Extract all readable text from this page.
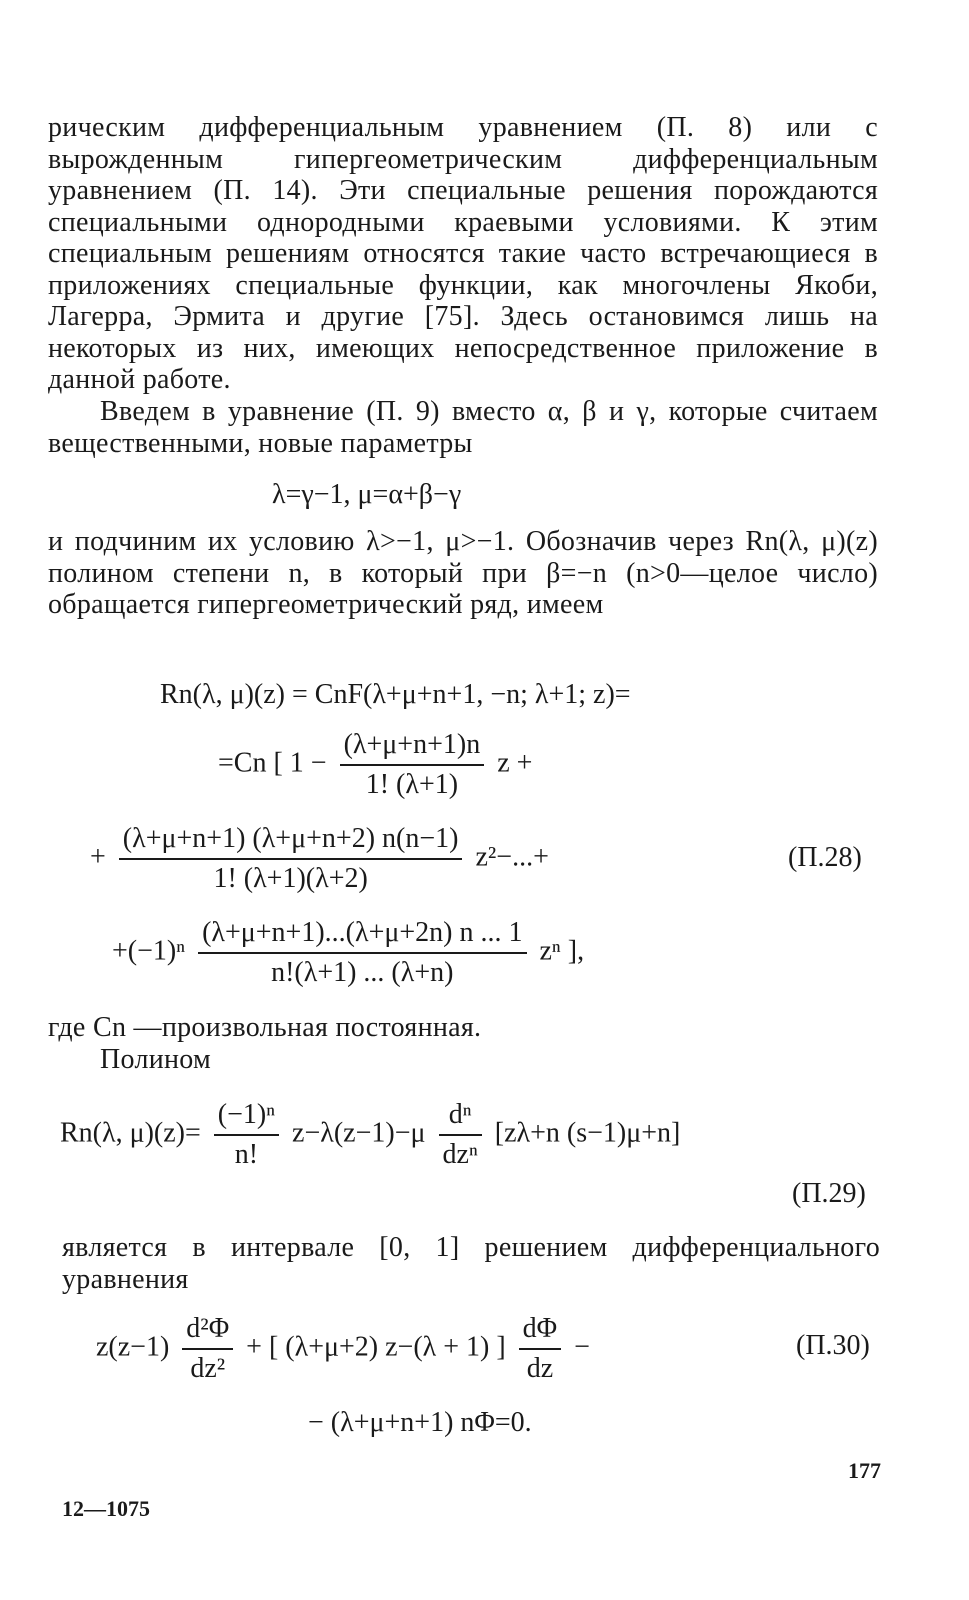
рическим дифференциальным уравнением (П. 8) или с вырожденным гипергеометрическим дифференциальным уравнением (П. 14). Эти специальные решения порождаются специальными однородными краевыми условиями. К этим специальным решениям относятся такие часто встречающиеся в приложениях специальные функции, как многочлены Якоби, Лагерра, Эрмита и другие [75]. Здесь остановимся лишь на некоторых из них, имеющих непосредственное приложение в данной работе.

Введем в уравнение (П. 9) вместо α, β и γ, которые считаем вещественными, новые параметры

λ=γ−1, μ=α+β−γ

и подчиним их условию λ>−1, μ>−1. Обозначив через Rn(λ, μ)(z) полином степени n, в который при β=−n (n>0—целое число) обращается гипергеометрический ряд, имеем

Rn(λ, μ)(z) = CnF(λ+μ+n+1, −n; λ+1; z)=
=Cn [ $1 - \frac{(\lambda+\mu+n+1)n}{1! (\lambda+1)}$ z +
+ $\frac{(\lambda+\mu+n+1) (\lambda+\mu+n+2) n(n-1)}{1! (\lambda+1)(\lambda+2)} z^2-...+$	(П.28)
$+(-1)^n \frac{(\lambda+\mu+n+1)...(\lambda+\mu+2n) n ... 1}{n!(\lambda+1) ... (\lambda+n)}$ zⁿ ],

где Cn —произвольная постоянная.

Полином

Rn(λ, $\mu)(z)= \frac{\text{(−1)ⁿ}}{n!} z-\lambda(z-1)-\mu \frac{\text{dⁿ}}{\text{dzⁿ}} [z\lambda+n$ (s−1)μ+n]
(П.29)

является в интервале [0, 1] решением дифференциального уравнения

$z(z-1) \frac{\text{d²Φ}}{\text{dz²}}$ + [ (λ+μ+2) z−(λ + 1) ] $\frac{d\Phi}{dz}$ −	(П.30)
− (λ+μ+n+1) nΦ=0.
177
12—1075
